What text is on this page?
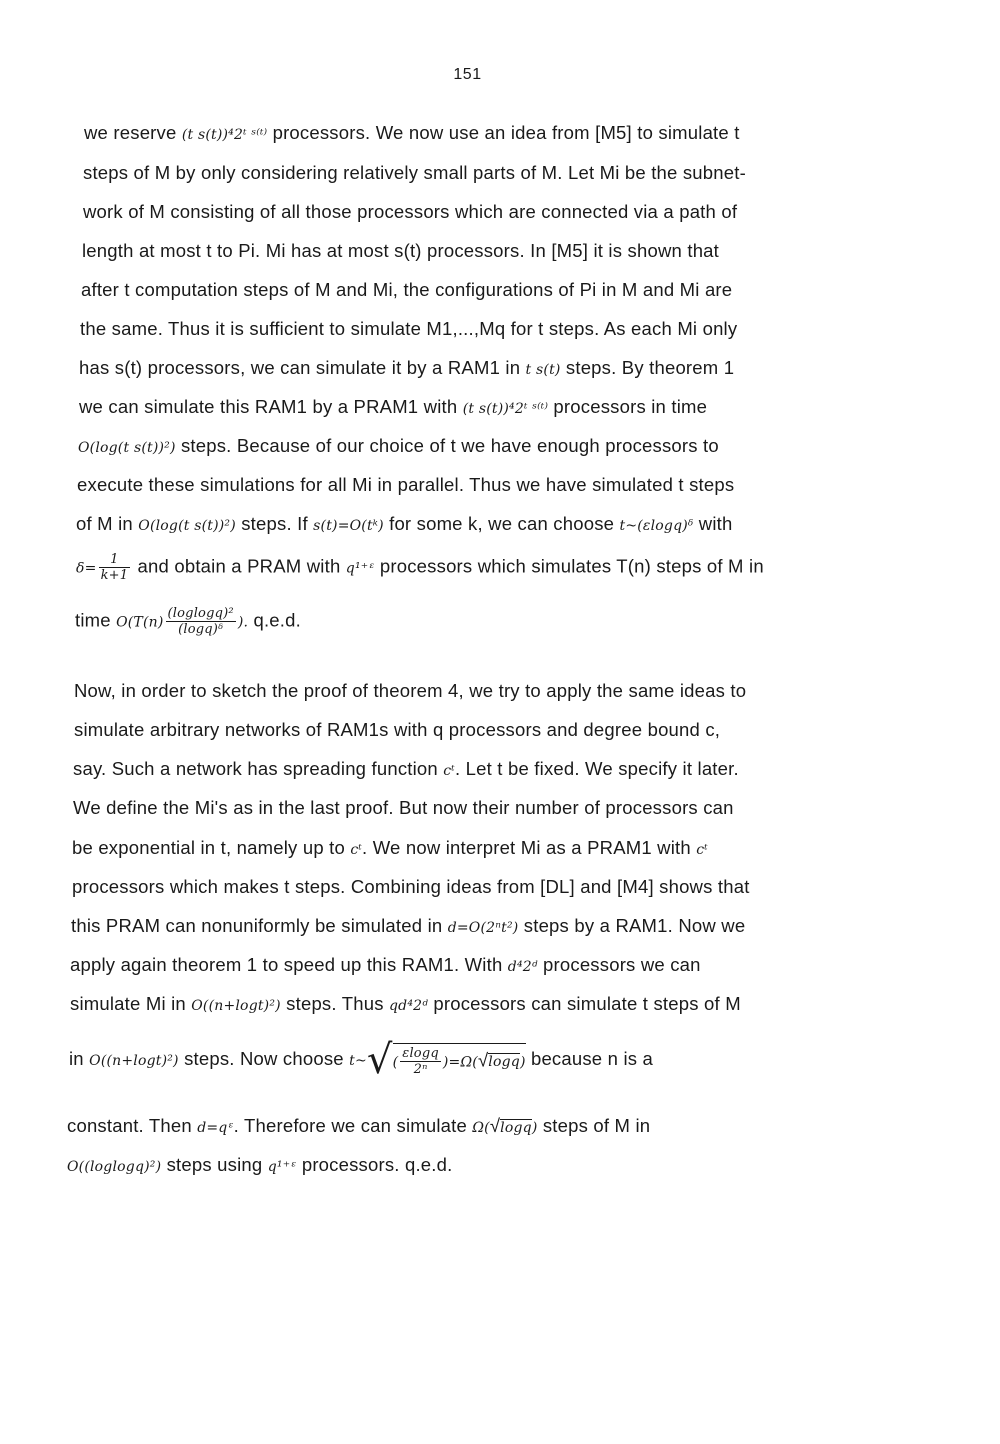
151
we reserve (t s(t))⁴2ᵗ ˢ⁽ᵗ⁾ processors. We now use an idea from [M5] to simulate t
steps of M by only considering relatively small parts of M. Let Mi be the subnet-
work of M consisting of all those processors which are connected via a path of
length at most t to Pi. Mi has at most s(t) processors. In [M5] it is shown that
after t computation steps of M and Mi, the configurations of Pi in M and Mi are
the same. Thus it is sufficient to simulate M1,...,Mq for t steps. As each Mi only
has s(t) processors, we can simulate it by a RAM1 in t s(t) steps. By theorem 1
we can simulate this RAM1 by a PRAM1 with (t s(t))⁴2ᵗ ˢ⁽ᵗ⁾ processors in time
O(log(t s(t))²) steps. Because of our choice of t we have enough processors to
execute these simulations for all Mi in parallel. Thus we have simulated t steps
of M in O(log(t s(t))²) steps. If s(t)=O(tᵏ) for some k, we can choose t~(εlogq)ᵟ with
$\delta= \frac{1}{k+1}$ and obtain a PRAM with q¹⁺ᵋ processors which simulates T(n) steps of M in
time $O(T(n) \frac{\text{(loglogq)²}}{\text{(logq)ᵟ}}$ ). q.e.d.
Now, in order to sketch the proof of theorem 4, we try to apply the same ideas to
simulate arbitrary networks of RAM1s with q processors and degree bound c,
say. Such a network has spreading function cᵗ. Let t be fixed. We specify it later.
We define the Mi's as in the last proof. But now their number of processors can
be exponential in t, namely up to cᵗ. We now interpret Mi as a PRAM1 with cᵗ
processors which makes t steps. Combining ideas from [DL] and [M4] shows that
this PRAM can nonuniformly be simulated in d=O(2ⁿt²) steps by a RAM1. Now we
apply again theorem 1 to speed up this RAM1. With d⁴2ᵈ processors we can
simulate Mi in O((n+logt)²) steps. Thus qd⁴2ᵈ processors can simulate t steps of M
in O((n+logt)²) steps. Now choose t~√( $\frac{\varepsilon\log q}{\text{2ⁿ}} )=\Omega(√\log q)$ because n is a
constant. Then d=qᵋ. Therefore we can simulate Ω(√logq) steps of M in
O((loglogq)²) steps using q¹⁺ᵋ processors. q.e.d.
